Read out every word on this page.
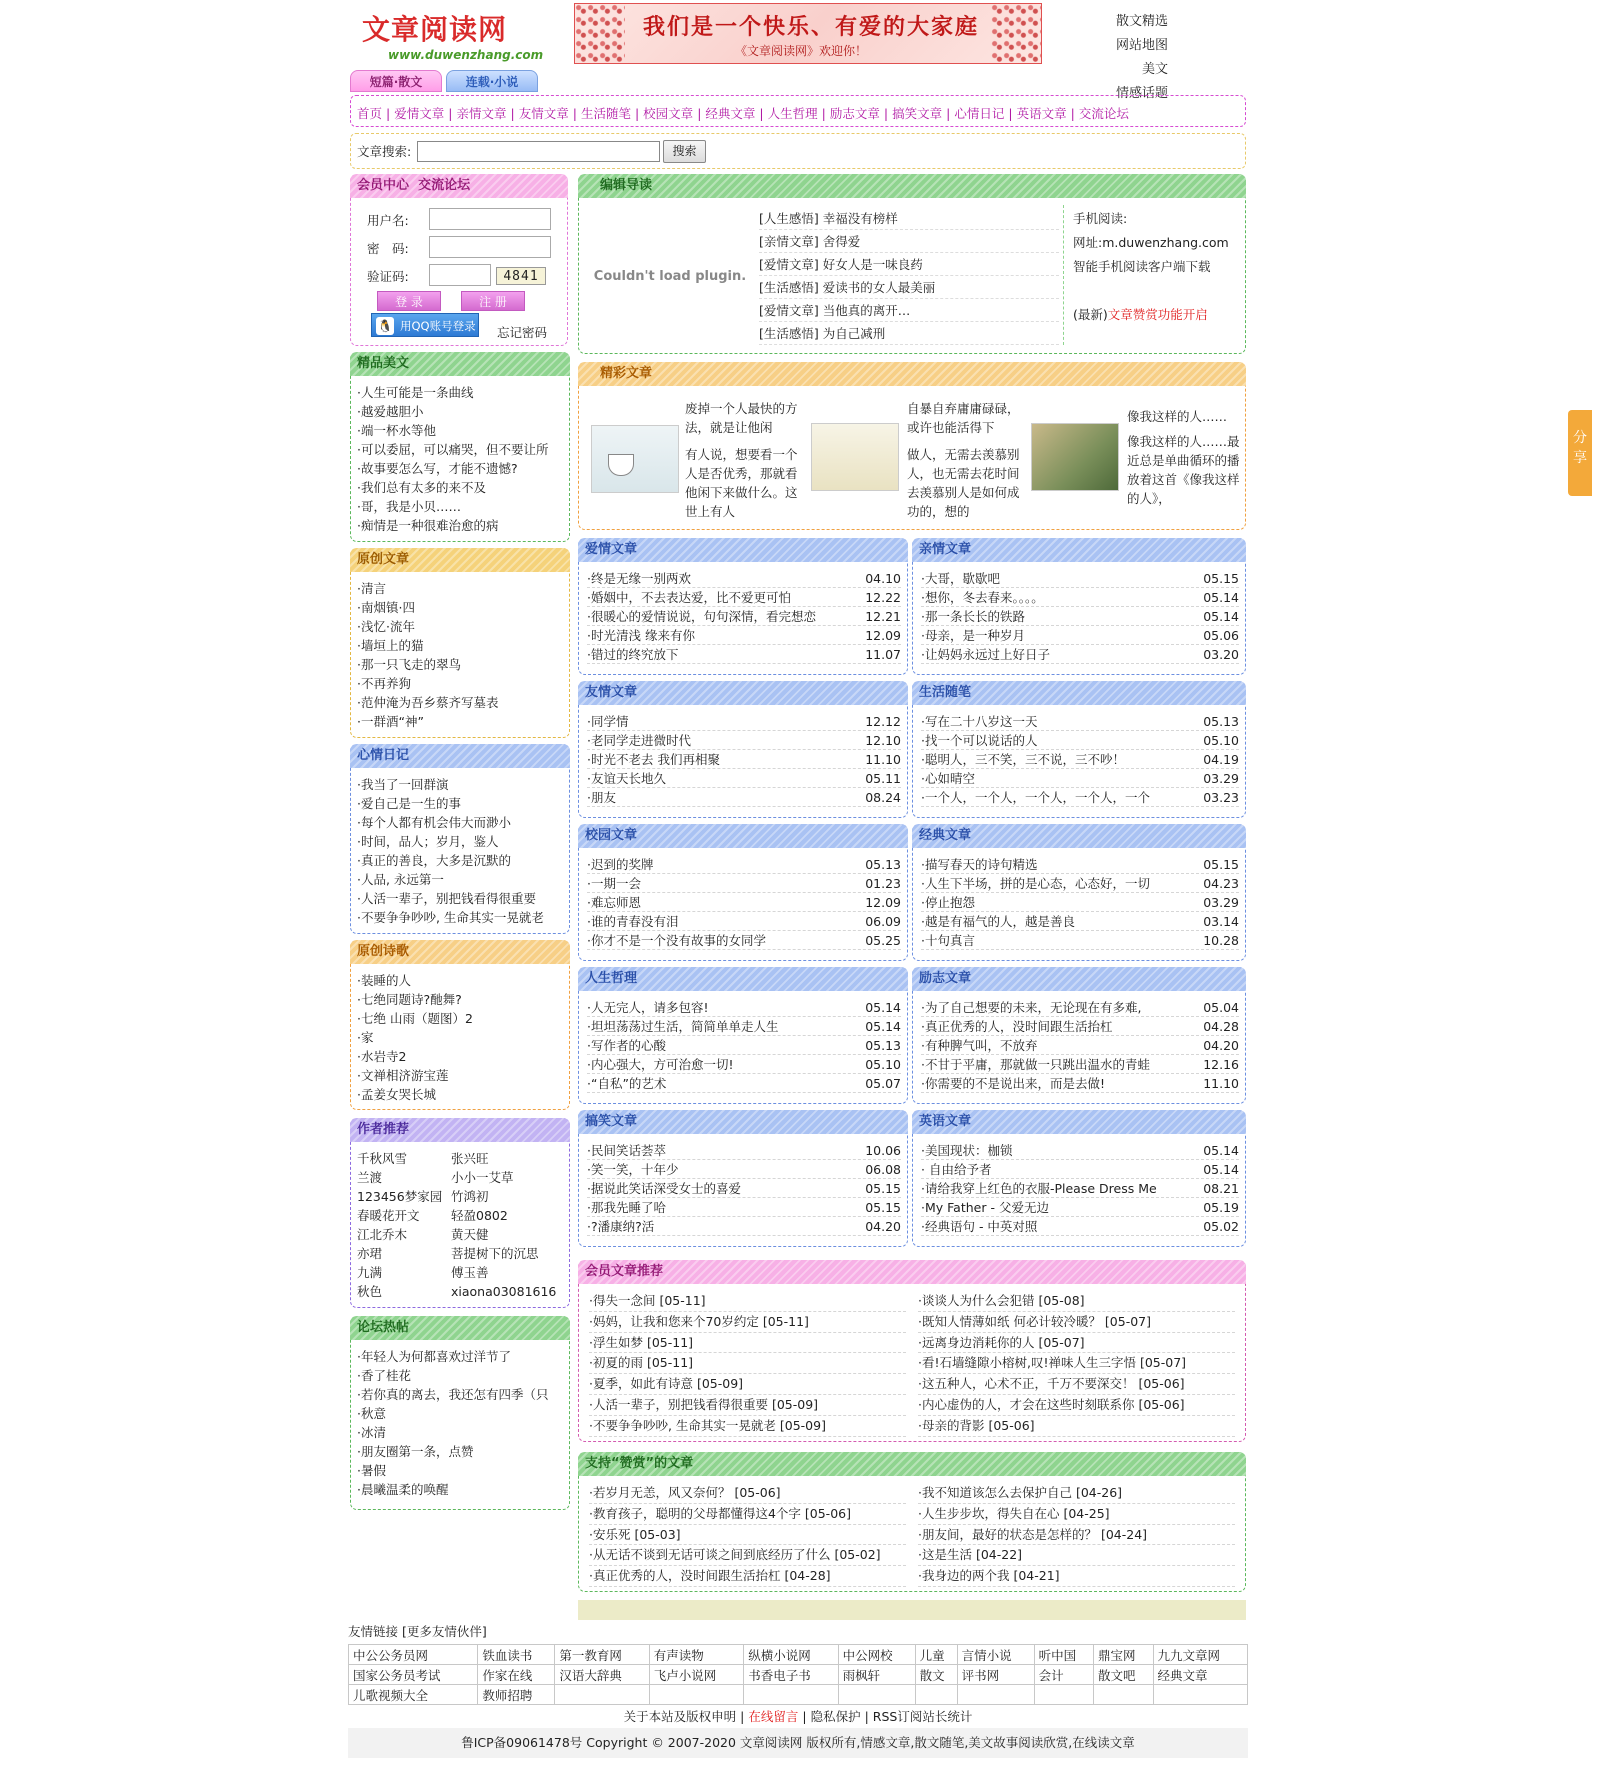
文章阅读网
www.duwenzhang.com
我们是一个快乐、有爱的大家庭
《文章阅读网》欢迎你！
散文精选网站地图
美文情感话题
短篇·散文	连载·小说
首页 | 爱情文章 | 亲情文章 | 友情文章 | 生活随笔 | 校园文章 | 经典文章 | 人生哲理 | 励志文章 | 搞笑文章 | 心情日记 | 英语文章 | 交流论坛
文章搜索:	搜索
会员中心 交流论坛
用户名:
密　码:
验证码:	4841
登 录	注 册
🐧 用QQ账号登录 忘记密码
精品美文
·人生可能是一条曲线
·越爱越胆小
·端一杯水等他
·可以委屈，可以痛哭，但不要让所
·故事要怎么写，才能不遗憾?
·我们总有太多的来不及
·哥，我是小贝……
·痴情是一种很难治愈的病
原创文章
·清言
·南烟镇·四
·浅忆·流年
·墙垣上的猫
·那一只飞走的翠鸟
·不再养狗
·范仲淹为吾乡蔡齐写墓表
·一群酒“神”
心情日记
·我当了一回群演
·爱自己是一生的事
·每个人都有机会伟大而渺小
·时间，品人；岁月，鉴人
·真正的善良，大多是沉默的
·人品, 永远第一
·人活一辈子，别把钱看得很重要
·不要争争吵吵, 生命其实一晃就老
原创诗歌
·装睡的人
·七绝同题诗?酏舞?
·七绝 山雨（题图）2
·家
·水岩寺2
·文禅相济游宝莲
·孟姜女哭长城
作者推荐
千秋风雪	张兴旺
兰渡	小小一艾草
123456梦家园 竹鸿初
春暖花开文	轻盈0802
江北乔木	黄天健
亦珺	菩提树下的沉思
九满	傅玉善
秋色	xiaona03081616
论坛热帖
·年轻人为何都喜欢过洋节了
·香了桂花
·若你真的离去，我还怎有四季（只
·秋意
·冰清
·朋友圈第一条，点赞
·暑假
·晨曦温柔的唤醒
编辑导读
Couldn't load plugin.
[人生感悟] 幸福没有榜样
[亲情文章] 舍得爱
[爱情文章] 好女人是一味良药
[生活感悟] 爱读书的女人最美丽
[爱情文章] 当他真的离开…
[生活感悟] 为自己减刑
手机阅读:
网址:m.duwenzhang.com
智能手机阅读客户端下载
(最新)文章赞赏功能开启
精彩文章
废掉一个人最快的方法，就是让他闲
有人说，想要看一个人是否优秀，那就看他闲下来做什么。这世上有人
自暴自弃庸庸碌碌，或许也能活得下
做人，无需去羡慕别人，也无需去花时间去羡慕别人是如何成功的，想的
像我这样的人……
像我这样的人……最近总是单曲循环的播放着这首《像我这样的人》，
爱情文章
·终是无缘一别两欢	04.10
·婚姻中，不去表达爱，比不爱更可怕	12.22
·很暖心的爱情说说，句句深情，看完想恋	12.21
·时光清浅 缘来有你	12.09
·错过的终究放下	11.07
亲情文章
·大哥，歇歇吧	05.15
·想你，冬去春来。。。。	05.14
·那一条长长的铁路	05.14
·母亲，是一种岁月	05.06
·让妈妈永远过上好日子	03.20
友情文章
·同学情	12.12
·老同学走进微时代	12.10
·时光不老去 我们再相聚	11.10
·友谊天长地久	05.11
·朋友	08.24
生活随笔
·写在二十八岁这一天	05.13
·找一个可以说话的人	05.10
·聪明人，三不笑，三不说，三不吵！	04.19
·心如晴空	03.29
·一个人，一个人，一个人，一个人，一个	03.23
校园文章
·迟到的奖牌	05.13
·一期一会	01.23
·难忘师恩	12.09
·谁的青春没有泪	06.09
·你才不是一个没有故事的女同学	05.25
经典文章
·描写春天的诗句精选	05.15
·人生下半场，拼的是心态，心态好，一切	04.23
·停止抱怨	03.29
·越是有福气的人，越是善良	03.14
·十句真言	10.28
人生哲理
·人无完人，请多包容!	05.14
·坦坦荡荡过生活，简简单单走人生	05.14
·写作者的心酸	05.13
·内心强大，方可治愈一切!	05.10
·“自私”的艺术	05.07
励志文章
·为了自己想要的未来，无论现在有多难,	05.04
·真正优秀的人，没时间跟生活抬杠	04.28
·有种脾气叫，不放弃	04.20
·不甘于平庸，那就做一只跳出温水的青蛙	12.16
·你需要的不是说出来，而是去做!	11.10
搞笑文章
·民间笑话荟萃	10.06
·笑一笑，十年少	06.08
·据说此笑话深受女士的喜爱	05.15
·那我先睡了哈	05.15
·?潘康纳?活	04.20
英语文章
·美国现状：枷锁	05.14
· 自由给予者	05.14
·请给我穿上红色的衣服-Please Dress Me	08.21
·My Father - 父爱无边	05.19
·经典语句 - 中英对照	05.02
会员文章推荐
·得失一念间 [05-11]	·谈谈人为什么会犯错 [05-08]
·妈妈，让我和您来个70岁约定 [05-11]	·既知人情薄如纸 何必计较冷暖？ [05-07]
·浮生如梦 [05-11]	·远离身边消耗你的人 [05-07]
·初夏的雨 [05-11]	·看!石墙缝隙小榕树,叹!禅味人生三字悟 [05-07]
·夏季，如此有诗意 [05-09]	·这五种人，心术不正，千万不要深交！ [05-06]
·人活一辈子，别把钱看得很重要 [05-09]	·内心虚伪的人，才会在这些时刻联系你 [05-06]
·不要争争吵吵, 生命其实一晃就老 [05-09]	·母亲的背影 [05-06]
支持“赞赏”的文章
·若岁月无恙，风又奈何？ [05-06]	·我不知道该怎么去保护自己 [04-26]
·教育孩子，聪明的父母都懂得这4个字 [05-06]	·人生步步坎，得失自在心 [04-25]
·安乐死 [05-03]	·朋友间，最好的状态是怎样的？ [04-24]
·从无话不谈到无话可谈之间到底经历了什么 [05-02]	·这是生活 [04-22]
·真正优秀的人，没时间跟生活抬杠 [04-28]	·我身边的两个我 [04-21]
友情链接 [更多友情伙伴]
中公公务员网	铁血读书	第一教育网	有声读物	纵横小说网	中公网校	儿童	言情小说	听中国	鼎宝网	九九文章网
国家公务员考试	作家在线	汉语大辞典	飞卢小说网	书香电子书	雨枫轩	散文	评书网	会计	散文吧	经典文章
儿歌视频大全	教师招聘									
关于本站及版权申明 | 在线留言 | 隐私保护 | RSS订阅站长统计
鲁ICP备09061478号 Copyright © 2007-2020 文章阅读网 版权所有,情感文章,散文随笔,美文故事阅读欣赏,在线读文章
分
享
